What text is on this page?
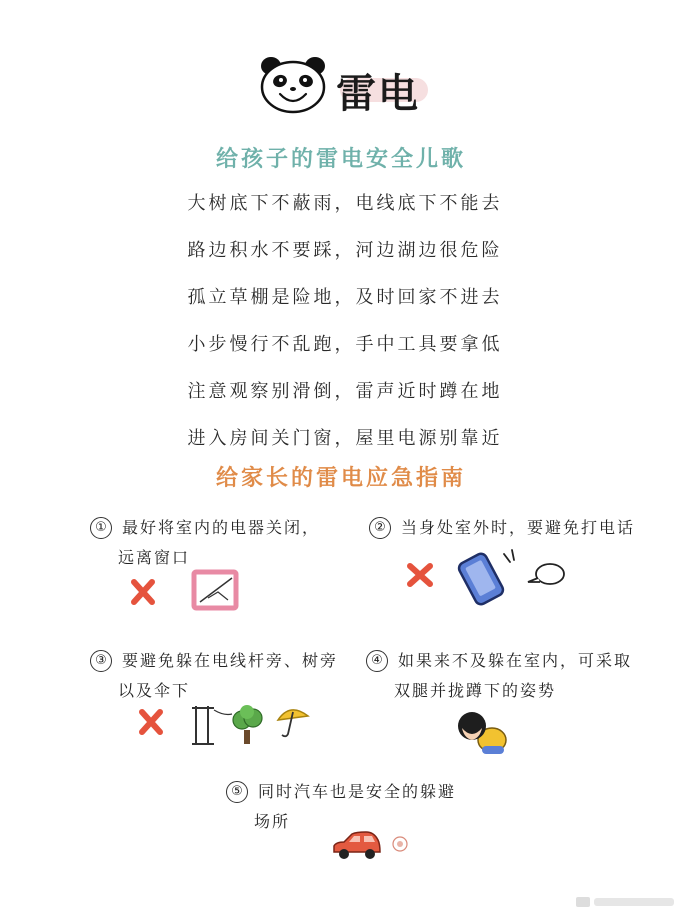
雷电
给孩子的雷电安全儿歌
大树底下不蔽雨，电线底下不能去
路边积水不要踩，河边湖边很危险
孤立草棚是险地，及时回家不进去
小步慢行不乱跑，手中工具要拿低
注意观察别滑倒，雷声近时蹲在地
进入房间关门窗，屋里电源别靠近
给家长的雷电应急指南
① 最好将室内的电器关闭，
远离窗口
② 当身处室外时，要避免打电话
③ 要避免躲在电线杆旁、树旁
以及伞下
④ 如果来不及躲在室内，可采取
双腿并拢蹲下的姿势
⑤ 同时汽车也是安全的躲避
场所
